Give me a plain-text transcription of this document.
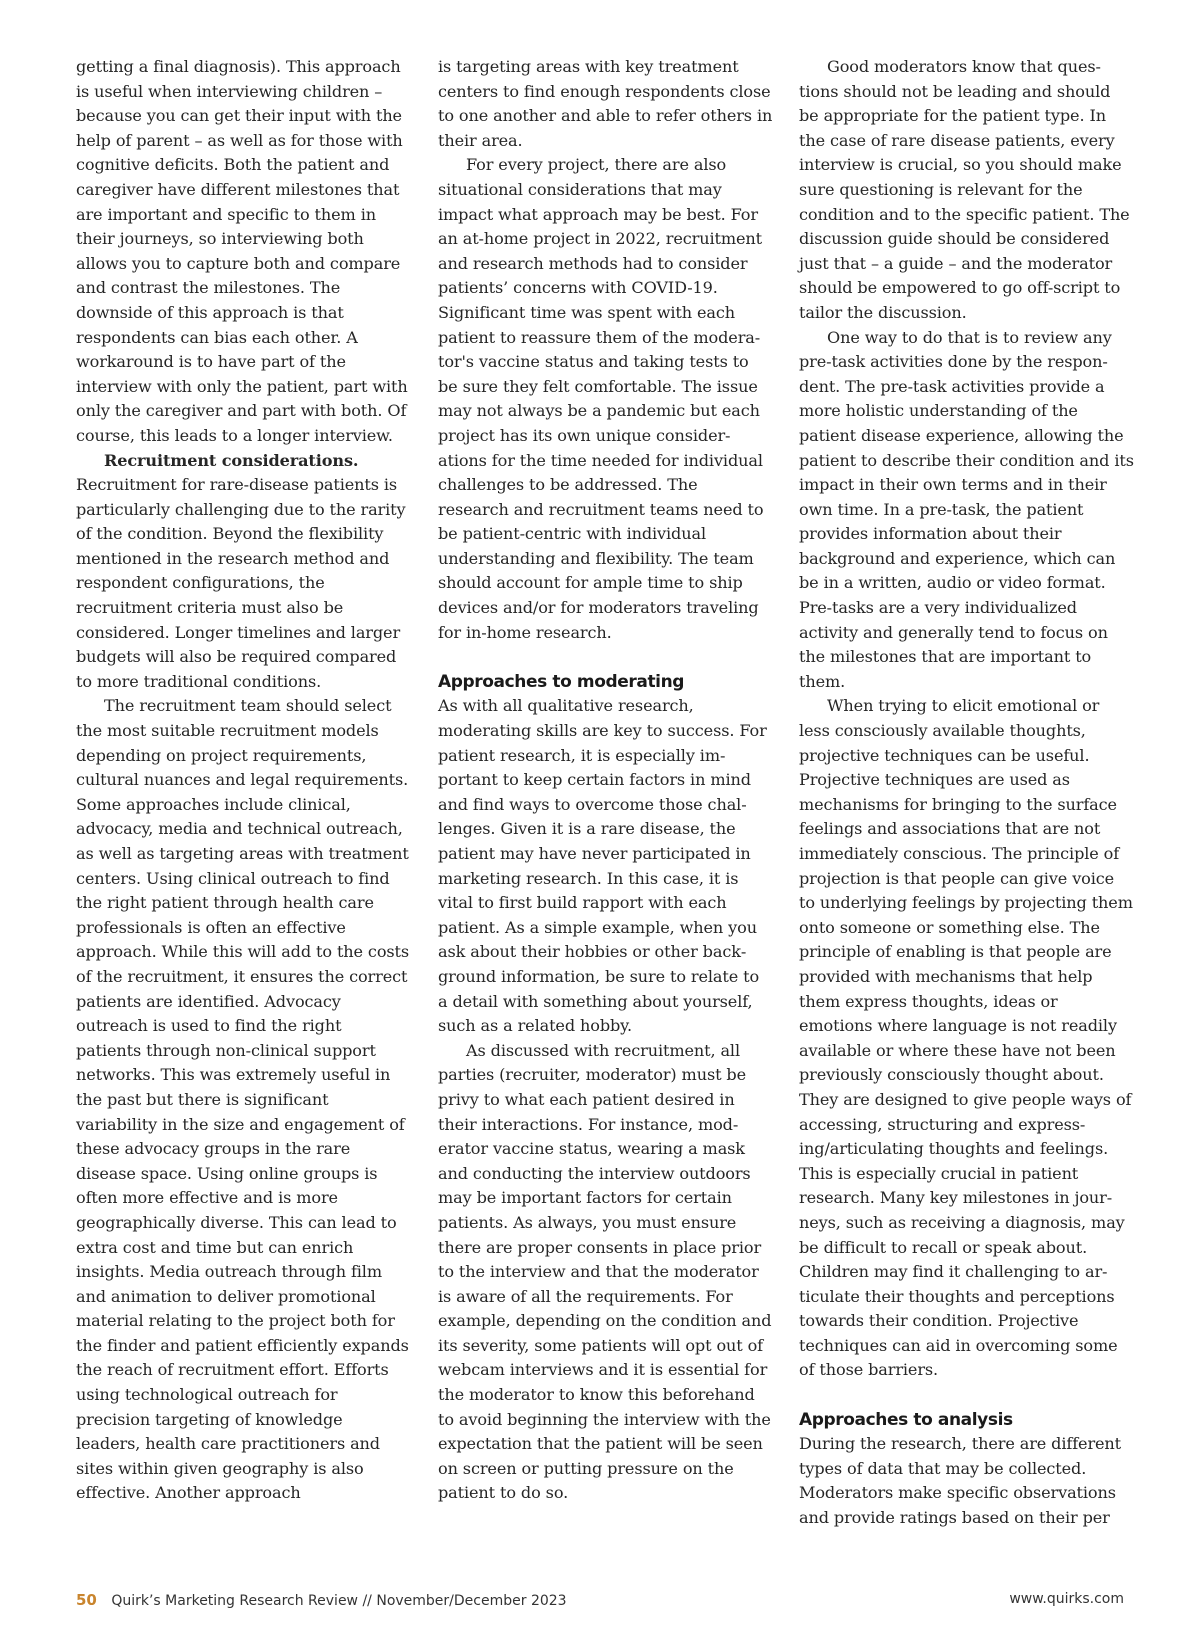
getting a final diagnosis). This approach is useful when interviewing children – because you can get their input with the help of parent – as well as for those with cognitive deficits. Both the patient and caregiver have different milestones that are important and specific to them in their journeys, so interviewing both allows you to capture both and compare and contrast the milestones. The downside of this approach is that respondents can bias each other. A workaround is to have part of the interview with only the patient, part with only the caregiver and part with both. Of course, this leads to a longer interview.

Recruitment considerations. Recruitment for rare-disease patients is particularly challenging due to the rarity of the condition. Beyond the flexibility mentioned in the research method and respondent configurations, the recruitment criteria must also be considered. Longer timelines and larger budgets will also be required compared to more traditional conditions.

The recruitment team should select the most suitable recruitment models depending on project requirements, cultural nuances and legal requirements. Some approaches include clinical, advocacy, media and technical outreach, as well as targeting areas with treatment centers. Using clinical outreach to find the right patient through health care professionals is often an effective approach. While this will add to the costs of the recruitment, it ensures the correct patients are identified. Advocacy outreach is used to find the right patients through non-clinical support networks. This was extremely useful in the past but there is significant variability in the size and engagement of these advocacy groups in the rare disease space. Using online groups is often more effective and is more geographically diverse. This can lead to extra cost and time but can enrich insights. Media outreach through film and animation to deliver promotional material relating to the project both for the finder and patient efficiently expands the reach of recruitment effort. Efforts using technological outreach for precision targeting of knowledge leaders, health care practitioners and sites within given geography is also effective. Another approach

is targeting areas with key treatment centers to find enough respondents close to one another and able to refer others in their area.

For every project, there are also situational considerations that may impact what approach may be best. For an at-home project in 2022, recruitment and research methods had to consider patients’ concerns with COVID-19. Significant time was spent with each patient to reassure them of the moderator's vaccine status and taking tests to be sure they felt comfortable. The issue may not always be a pandemic but each project has its own unique considerations for the time needed for individual challenges to be addressed. The research and recruitment teams need to be patient-centric with individual understanding and flexibility. The team should account for ample time to ship devices and/or for moderators traveling for in-home research.

Approaches to moderating

As with all qualitative research, moderating skills are key to success. For patient research, it is especially important to keep certain factors in mind and find ways to overcome those challenges. Given it is a rare disease, the patient may have never participated in marketing research. In this case, it is vital to first build rapport with each patient. As a simple example, when you ask about their hobbies or other background information, be sure to relate to a detail with something about yourself, such as a related hobby.

As discussed with recruitment, all parties (recruiter, moderator) must be privy to what each patient desired in their interactions. For instance, moderator vaccine status, wearing a mask and conducting the interview outdoors may be important factors for certain patients. As always, you must ensure there are proper consents in place prior to the interview and that the moderator is aware of all the requirements. For example, depending on the condition and its severity, some patients will opt out of webcam interviews and it is essential for the moderator to know this beforehand to avoid beginning the interview with the expectation that the patient will be seen on screen or putting pressure on the patient to do so.

Good moderators know that questions should not be leading and should be appropriate for the patient type. In the case of rare disease patients, every interview is crucial, so you should make sure questioning is relevant for the condition and to the specific patient. The discussion guide should be considered just that – a guide – and the moderator should be empowered to go off-script to tailor the discussion.

One way to do that is to review any pre-task activities done by the respondent. The pre-task activities provide a more holistic understanding of the patient disease experience, allowing the patient to describe their condition and its impact in their own terms and in their own time. In a pre-task, the patient provides information about their background and experience, which can be in a written, audio or video format. Pre-tasks are a very individualized activity and generally tend to focus on the milestones that are important to them.

When trying to elicit emotional or less consciously available thoughts, projective techniques can be useful. Projective techniques are used as mechanisms for bringing to the surface feelings and associations that are not immediately conscious. The principle of projection is that people can give voice to underlying feelings by projecting them onto someone or something else. The principle of enabling is that people are provided with mechanisms that help them express thoughts, ideas or emotions where language is not readily available or where these have not been previously consciously thought about. They are designed to give people ways of accessing, structuring and expressing/articulating thoughts and feelings. This is especially crucial in patient research. Many key milestones in journeys, such as receiving a diagnosis, may be difficult to recall or speak about. Children may find it challenging to articulate their thoughts and perceptions towards their condition. Projective techniques can aid in overcoming some of those barriers.

Approaches to analysis

During the research, there are different types of data that may be collected. Moderators make specific observations and provide ratings based on their per

50 Quirk’s Marketing Research Review // November/December 2023	www.quirks.com
